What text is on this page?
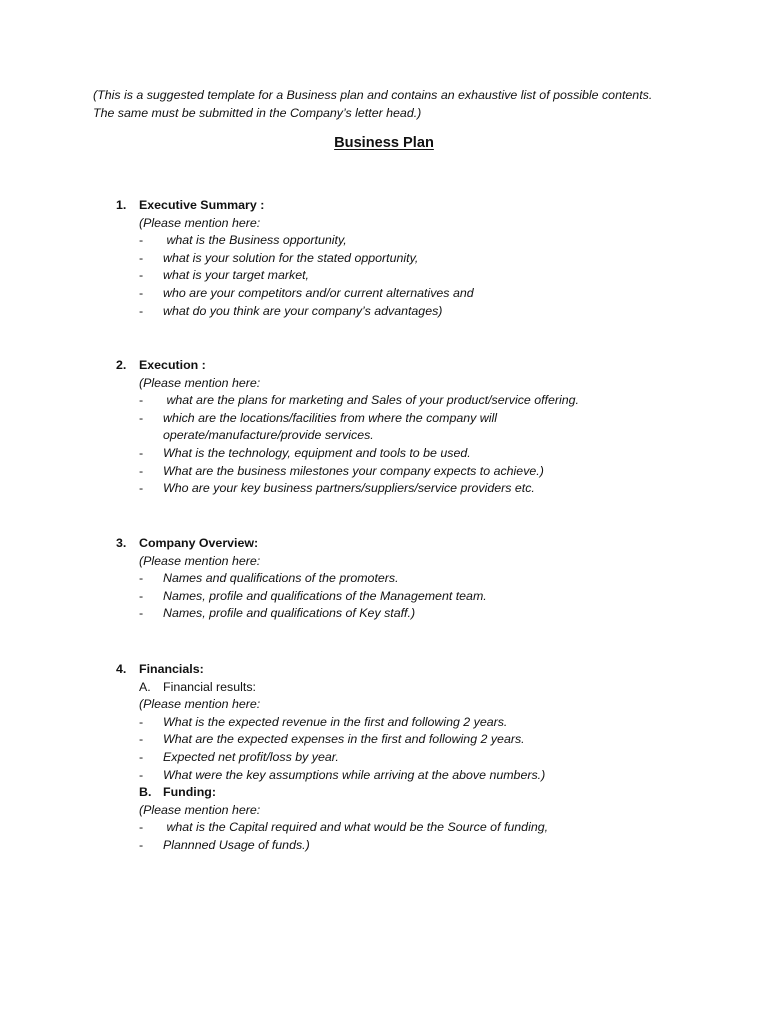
(This is a suggested template for a Business plan and contains an exhaustive list of possible contents.
The same must be submitted in the Company’s letter head.)
Business Plan
1.	Executive Summary :
(Please mention here:
-	what is the Business opportunity,
-	what is your solution for the stated opportunity,
-	what is your target market,
-	who are your competitors and/or current alternatives and
-	what do you think are your company’s advantages)
2.	Execution :
(Please mention here:
-	what are the plans for marketing and Sales of your product/service offering.
-	which are the locations/facilities from where the company will
operate/manufacture/provide services.
-	What is the technology, equipment and tools to be used.
-	What are the business milestones your company expects to achieve.)
-	Who are your key business partners/suppliers/service providers etc.
3.	Company Overview:
(Please mention here:
-	Names and qualifications of the promoters.
-	Names, profile and qualifications of the Management team.
-	Names, profile and qualifications of Key staff.)
4.	Financials:
A. Financial results:
(Please mention here:
-	What is the expected revenue in the first and following 2 years.
-	What are the expected expenses in the first and following 2 years.
-	Expected net profit/loss by year.
-	What were the key assumptions while arriving at the above numbers.)
B. Funding:
(Please mention here:
-	what is the Capital required and what would be the Source of funding,
-	Plannned Usage of funds.)
